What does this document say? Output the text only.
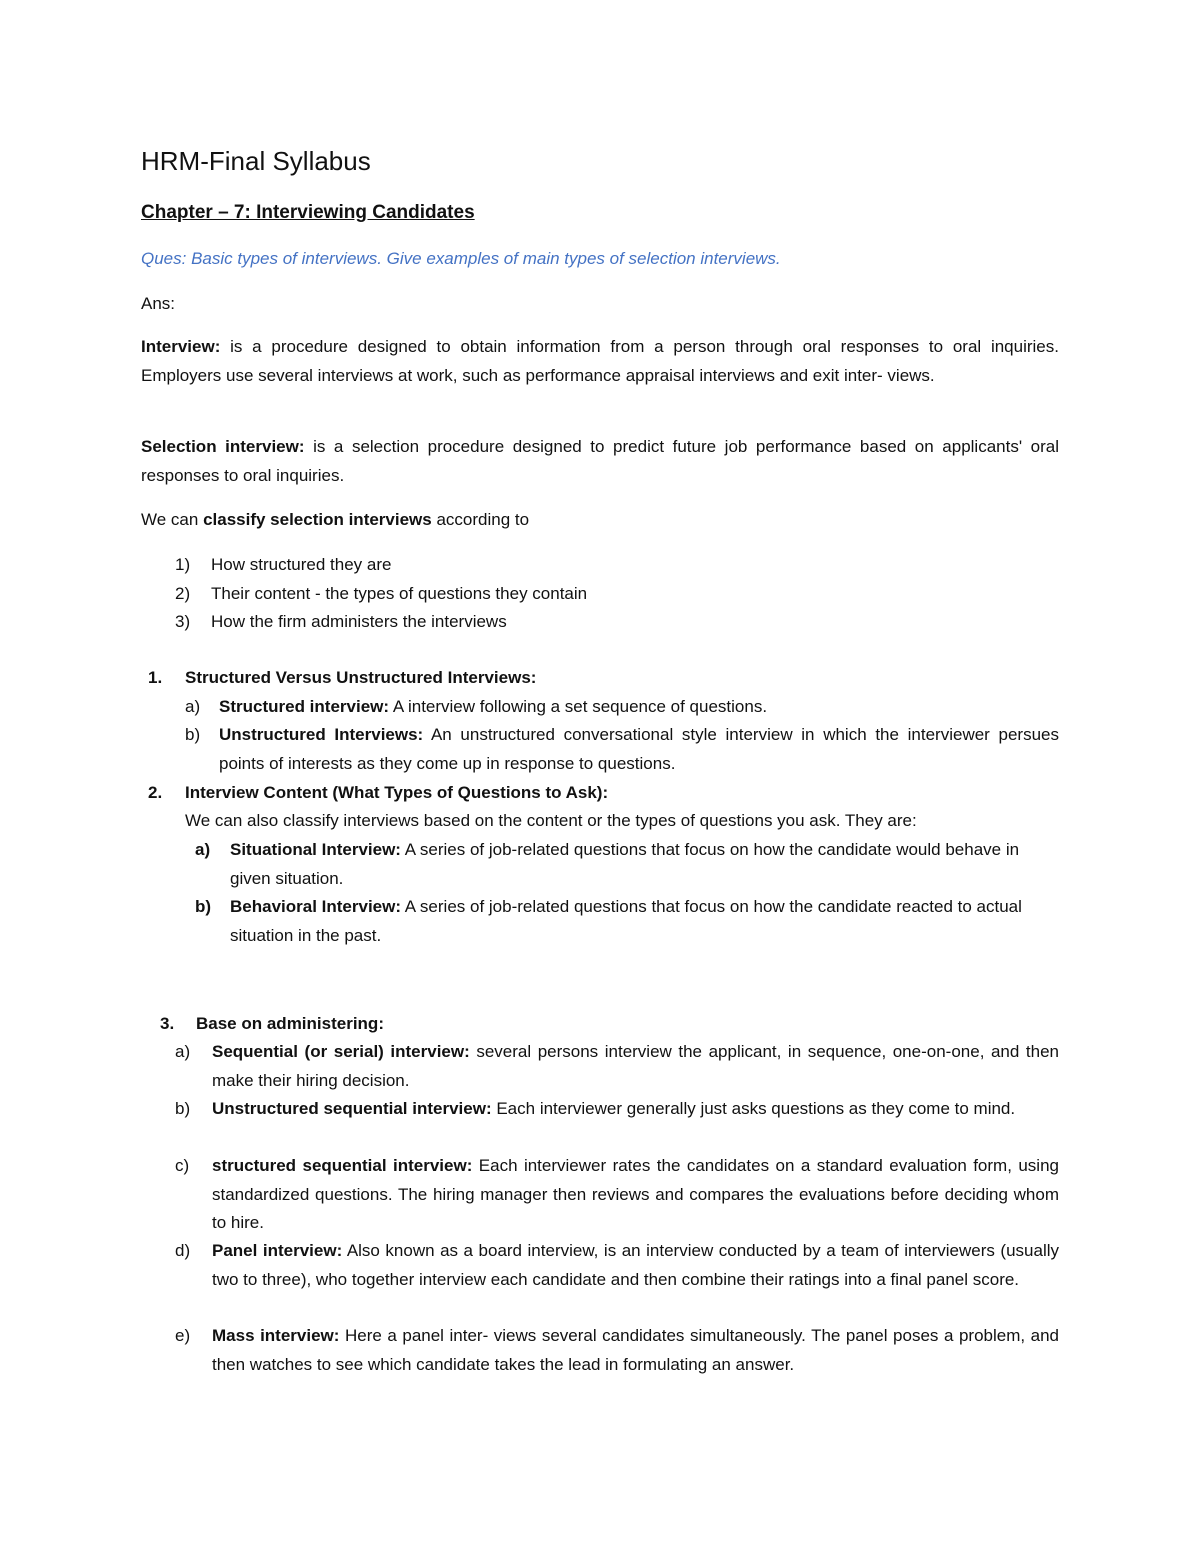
HRM-Final Syllabus
Chapter – 7: Interviewing Candidates
Ques: Basic types of interviews. Give examples of main types of selection interviews.
Ans:

Interview: is a procedure designed to obtain information from a person through oral responses to oral inquiries. Employers use several interviews at work, such as performance appraisal interviews and exit inter- views.

Selection interview: is a selection procedure designed to predict future job performance based on applicants' oral responses to oral inquiries.

We can classify selection interviews according to

1)	How structured they are
2)	Their content - the types of questions they contain
3)	How the firm administers the interviews
1.	Structured Versus Unstructured Interviews:
a)	Structured interview: A interview following a set sequence of questions.
b)	Unstructured Interviews: An unstructured conversational style interview in which the interviewer persues points of interests as they come up in response to questions.
2.	Interview Content (What Types of Questions to Ask):
We can also classify interviews based on the content or the types of questions you ask. They are:
a)	Situational Interview: A series of job-related questions that focus on how the candidate would behave in given situation.
b)	Behavioral Interview: A series of job-related questions that focus on how the candidate reacted to actual situation in the past.
3.	Base on administering:
a)	Sequential (or serial) interview: several persons interview the applicant, in sequence, one-on-one, and then make their hiring decision.
b)	Unstructured sequential interview: Each interviewer generally just asks questions as they come to mind.
c)	structured sequential interview: Each interviewer rates the candidates on a standard evaluation form, using standardized questions. The hiring manager then reviews and compares the evaluations before deciding whom to hire.
d)	Panel interview: Also known as a board interview, is an interview conducted by a team of interviewers (usually two to three), who together interview each candidate and then combine their ratings into a final panel score.
e)	Mass interview: Here a panel inter- views several candidates simultaneously. The panel poses a problem, and then watches to see which candidate takes the lead in formulating an answer.
